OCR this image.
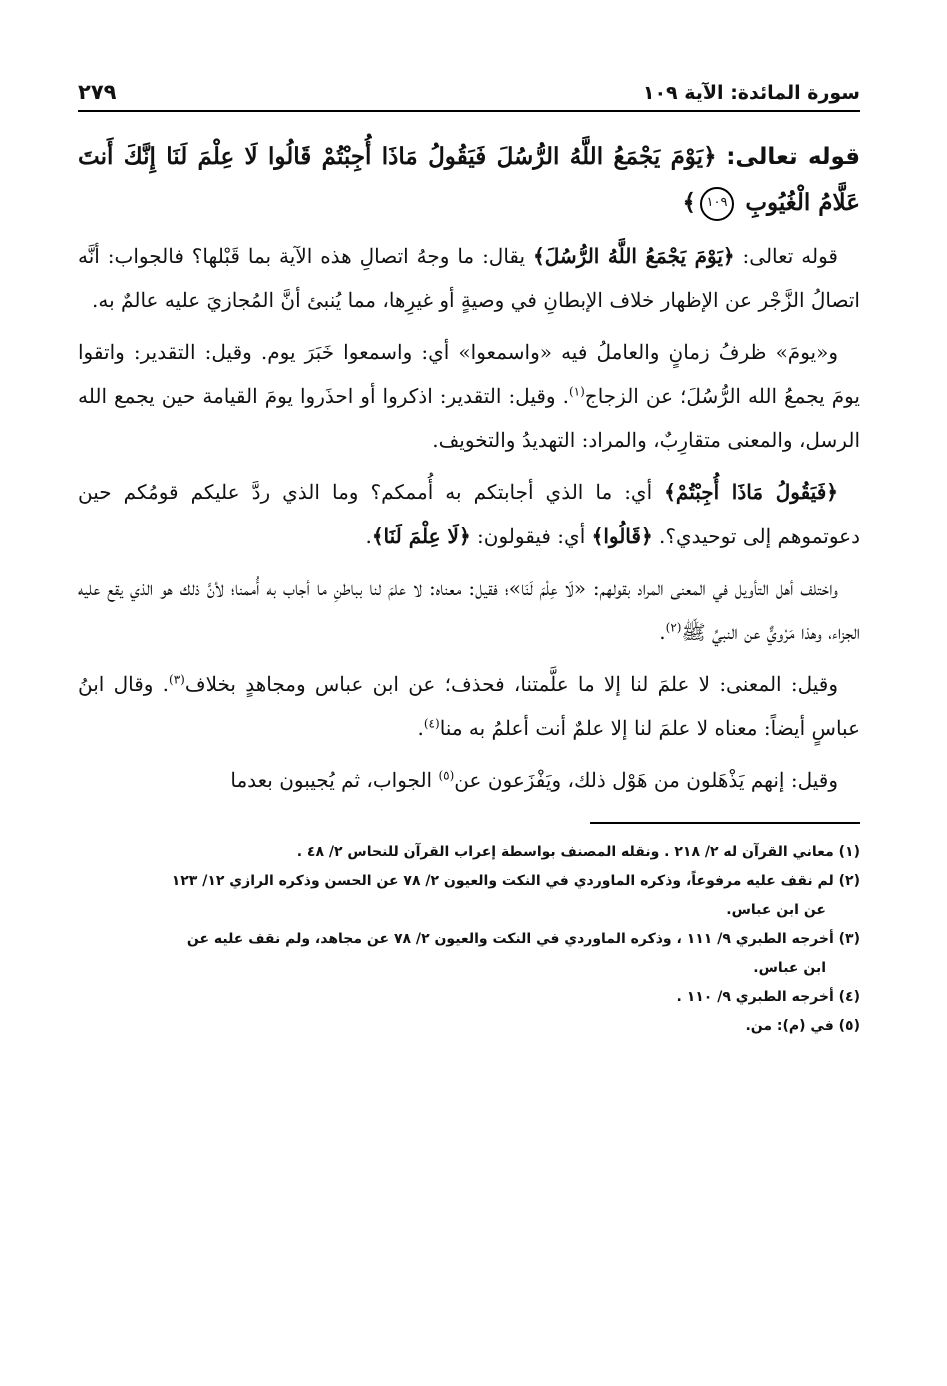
سورة المائدة: الآية ١٠٩
٢٧٩
قوله تعالى: ﴿يَوْمَ يَجْمَعُ اللَّهُ الرُّسُلَ فَيَقُولُ مَاذَا أُجِبْتُمْ قَالُوا لَا عِلْمَ لَنَا إِنَّكَ أَنتَ عَلَّامُ الْغُيُوبِ ١٠٩﴾

قوله تعالى: ﴿يَوْمَ يَجْمَعُ اللَّهُ الرُّسُلَ﴾ يقال: ما وجهُ اتصالِ هذه الآية بما قَبْلها؟ فالجواب: أنَّه اتصالُ الزَّجْر عن الإظهار خلاف الإبطانِ في وصيةٍ أو غيرِها، مما يُنبئ أنَّ المُجازيَ عليه عالمٌ به.

و«يومَ» ظرفُ زمانٍ والعاملُ فيه «واسمعوا» أي: واسمعوا خَبَرَ يوم. وقيل: التقدير: واتقوا يومَ يجمعُ الله الرُّسُلَ؛ عن الزجاج$^{(١)}$. وقيل: التقدير: اذكروا أو احذَروا يومَ القيامة حين يجمع الله الرسل، والمعنى متقارِبٌ، والمراد: التهديدُ والتخويف.

﴿فَيَقُولُ مَاذَا أُجِبْتُمْ﴾ أي: ما الذي أجابتكم به أُممكم؟ وما الذي ردَّ عليكم قومُكم حين دعوتموهم إلى توحيدي؟. ﴿قَالُوا﴾ أي: فيقولون: ﴿لَا عِلْمَ لَنَا﴾.

واختلف أهل التأويل في المعنى المراد بقولهم: «لَا عِلْمَ لَنَا»؛ فقيل: معناه: لا علمَ لنا بباطنِ ما أجاب به أُممنا؛ لأنَّ ذلك هو الذي يقع عليه الجزاء، وهذا مَرْويٌّ عن النبيِّ ﷺ$^{(٢)}$.

وقيل: المعنى: لا علمَ لنا إلا ما علَّمتنا، فحذف؛ عن ابن عباس ومجاهدٍ بخلاف$^{(٣)}$. وقال ابنُ عباسٍ أيضاً: معناه لا علمَ لنا إلا علمٌ أنت أعلمُ به منا$^{(٤)}$.

وقيل: إنهم يَذْهَلون من هَوْل ذلك، ويَفْزَعون عن$^{(٥)}$ الجواب، ثم يُجيبون بعدما

(١) معاني القرآن له ٢/ ٢١٨ . ونقله المصنف بواسطة إعراب القرآن للنحاس ٢/ ٤٨ .

(٢) لم نقف عليه مرفوعاً، وذكره الماوردي في النكت والعيون ٢/ ٧٨ عن الحسن وذكره الرازي ١٢/ ١٢٣
عن ابن عباس.

(٣) أخرجه الطبري ٩/ ١١١ ، وذكره الماوردي في النكت والعيون ٢/ ٧٨ عن مجاهد، ولم نقف عليه عن
ابن عباس.

(٤) أخرجه الطبري ٩/ ١١٠ .

(٥) في (م): من.
